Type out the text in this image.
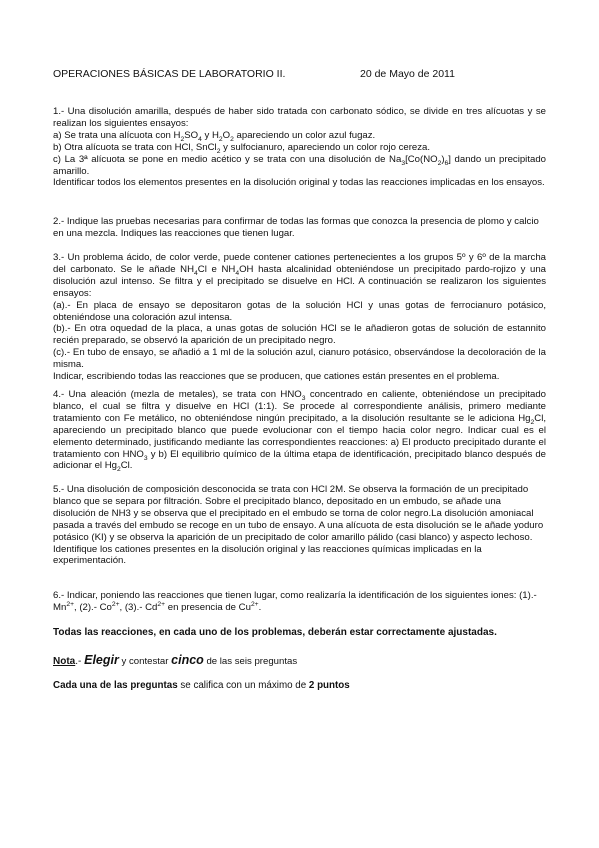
OPERACIONES BÁSICAS DE LABORATORIO II.	20 de Mayo de 2011

1.- Una disolución amarilla, después de haber sido tratada con carbonato sódico, se divide en tres alícuotas y se realizan los siguientes ensayos:

a) Se trata una alícuota con $H_2SO_4$ y $H_2O_2$ apareciendo un color azul fugaz.

b) Otra alícuota se trata con HCl, SnCl$_2$ y sulfocianuro, apareciendo un color rojo cereza.

c) La 3ª alícuota se pone en medio acético y se trata con una disolución de $Na_3[Co(NO_2)_6]$ dando un precipitado amarillo.

Identificar todos los elementos presentes en la disolución original y todas las reacciones implicadas en los ensayos.

2.- Indique las pruebas necesarias para confirmar de todas las formas que conozca la presencia de plomo y calcio en una mezcla. Indiques las reacciones que tienen lugar.

3.- Un problema ácido, de color verde, puede contener cationes pertenecientes a los grupos 5º y 6º de la marcha del carbonato. Se le añade $NH_4Cl$ e $NH_4OH$ hasta alcalinidad obteniéndose un precipitado pardo-rojizo y una disolución azul intenso. Se filtra y el precipitado se disuelve en HCl. A continuación se realizaron los siguientes ensayos:

(a).- En placa de ensayo se depositaron gotas de la solución HCl y unas gotas de ferrocianuro potásico, obteniéndose una coloración azul intensa.

(b).- En otra oquedad de la placa, a unas gotas de solución HCl se le añadieron gotas de solución de estannito recién preparado, se observó la aparición de un precipitado negro.

(c).- En tubo de ensayo, se añadió a 1 ml de la solución azul, cianuro potásico, observándose la decoloración de la misma.

Indicar, escribiendo todas las reacciones que se producen, que cationes están presentes en el problema.

4.- Una aleación (mezla de metales), se trata con $HNO_3$ concentrado en caliente, obteniéndose un precipitado blanco, el cual se filtra y disuelve en HCl (1:1). Se procede al correspondiente análisis, primero mediante tratamiento con Fe metálico, no obteniéndose ningún precipitado, a la disolución resultante se le adiciona $Hg_2Cl$, apareciendo un precipitado blanco que puede evolucionar con el tiempo hacia color negro. Indicar cual es el elemento determinado, justificando mediante las correspondientes reacciones: a) El producto precipitado durante el tratamiento con $HNO_3$ y b) El equilibrio químico de la última etapa de identificación, precipitado blanco después de adicionar el $Hg_2Cl$.

5.- Una disolución de composición desconocida se trata con HCl 2M. Se observa la formación de un precipitado blanco que se separa por filtración. Sobre el precipitado blanco, depositado en un embudo, se añade una disolución de NH3 y se observa que el precipitado en el embudo se torna de color negro.La disolución amoniacal pasada a través del embudo se recoge en un tubo de ensayo. A una alícuota de esta disolución se le añade yoduro potásico (KI) y se observa la aparición de un precipitado de color amarillo pálido (casi blanco) y aspecto lechoso.

Identifique los cationes presentes en la disolución original y las reacciones químicas implicadas en la experimentación.

6.- Indicar, poniendo las reacciones que tienen lugar, como realizaría la identificación de los siguientes iones: (1).- $Mn^{2+}$, (2).- $Co^{2+}$, (3).- $Cd^{2+}$ en presencia de $Cu^{2+}$.

Todas las reacciones, en cada uno de los problemas, deberán estar correctamente ajustadas.
Nota.- Elegir y contestar cinco de las seis preguntas
Cada una de las preguntas se califica con un máximo de 2 puntos
